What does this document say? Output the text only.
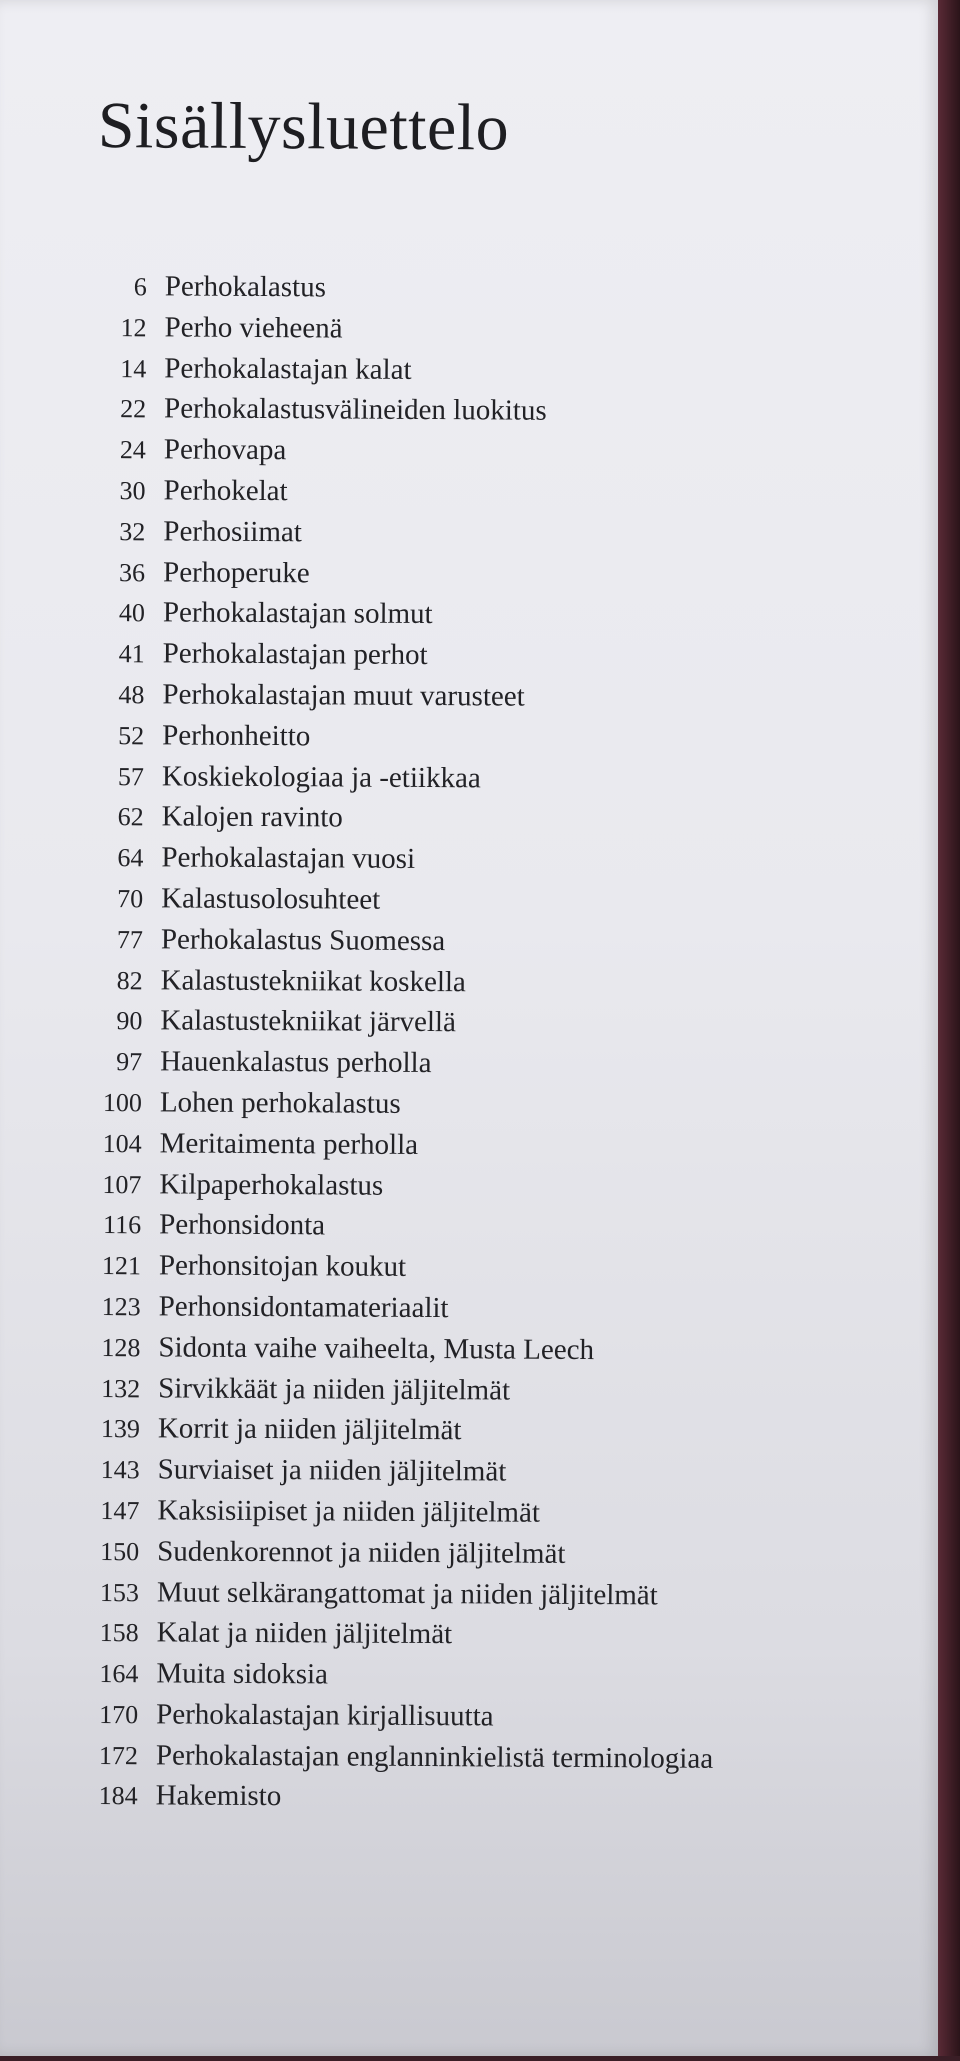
Sisällysluettelo
6 Perhokalastus
12 Perho vieheenä
14 Perhokalastajan kalat
22 Perhokalastusvälineiden luokitus
24 Perhovapa
30 Perhokelat
32 Perhosiimat
36 Perhoperuke
40 Perhokalastajan solmut
41 Perhokalastajan perhot
48 Perhokalastajan muut varusteet
52 Perhonheitto
57 Koskiekologiaa ja -etiikkaa
62 Kalojen ravinto
64 Perhokalastajan vuosi
70 Kalastusolosuhteet
77 Perhokalastus Suomessa
82 Kalastustekniikat koskella
90 Kalastustekniikat järvellä
97 Hauenkalastus perholla
100 Lohen perhokalastus
104 Meritaimenta perholla
107 Kilpaperhokalastus
116 Perhonsidonta
121 Perhonsitojan koukut
123 Perhonsidontamateriaalit
128 Sidonta vaihe vaiheelta, Musta Leech
132 Sirvikkäät ja niiden jäljitelmät
139 Korrit ja niiden jäljitelmät
143 Surviaiset ja niiden jäljitelmät
147 Kaksisiipiset ja niiden jäljitelmät
150 Sudenkorennot ja niiden jäljitelmät
153 Muut selkärangattomat ja niiden jäljitelmät
158 Kalat ja niiden jäljitelmät
164 Muita sidoksia
170 Perhokalastajan kirjallisuutta
172 Perhokalastajan englanninkielistä terminologiaa
184 Hakemisto
